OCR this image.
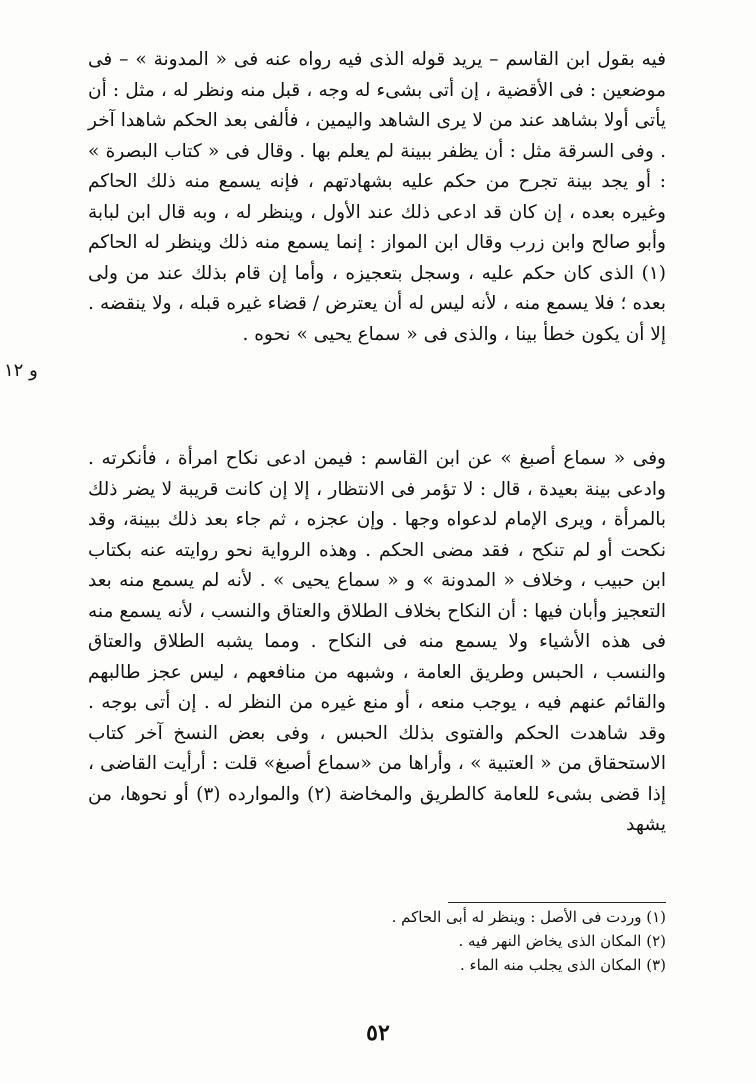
فيه بقول ابن القاسم – يريد قوله الذى فيه رواه عنه فى « المدونة » – فى موضعين : فى الأقضية ، إن أتى بشىء له وجه ، قبل منه ونظر له ، مثل : أن يأتى أولا بشاهد عند من لا يرى الشاهد واليمين ، فألفى بعد الحكم شاهدا آخر . وفى السرقة مثل : أن يظفر ببينة لم يعلم بها . وقال فى « كتاب البصرة » : أو يجد بينة تجرح من حكم عليه بشهادتهم ، فإنه يسمع منه ذلك الحاكم وغيره بعده ، إن كان قد ادعى ذلك عند الأول ، وينظر له ، وبه قال ابن لبابة وأبو صالح وابن زرب وقال ابن المواز : إنما يسمع منه ذلك وينظر له الحاكم (١) الذى كان حكم عليه ، وسجل بتعجيزه ، وأما إن قام بذلك عند من ولى بعده ؛ فلا يسمع منه ، لأنه ليس له أن يعترض / قضاء غيره قبله ، ولا ينقضه . إلا أن يكون خطأ بينا ، والذى فى « سماع يحيى » نحوه .
و ١٢
وفى « سماع أصبغ » عن ابن القاسم : فيمن ادعى نكاح امرأة ، فأنكرته . وادعى بينة بعيدة ، قال : لا تؤمر فى الانتظار ، إلا إن كانت قريبة لا يضر ذلك بالمرأة ، ويرى الإمام لدعواه وجها . وإن عجزه ، ثم جاء بعد ذلك ببينة، وقد نكحت أو لم تنكح ، فقد مضى الحكم . وهذه الرواية نحو روايته عنه بكتاب ابن حبيب ، وخلاف « المدونة » و « سماع يحيى » . لأنه لم يسمع منه بعد التعجيز وأبان فيها : أن النكاح بخلاف الطلاق والعتاق والنسب ، لأنه يسمع منه فى هذه الأشياء ولا يسمع منه فى النكاح . ومما يشبه الطلاق والعتاق والنسب ، الحبس وطريق العامة ، وشبهه من منافعهم ، ليس عجز طالبهم والقائم عنهم فيه ، يوجب منعه ، أو منع غيره من النظر له . إن أتى بوجه . وقد شاهدت الحكم والفتوى بذلك الحبس ، وفى بعض النسخ آخر كتاب الاستحقاق من « العتبية » ، وأراها من «سماع أصبغ» قلت : أرأيت القاضى ، إذا قضى بشىء للعامة كالطريق والمخاضة (٢) والموارده (٣) أو نحوها، من يشهد
(١) وردت فى الأصل : وينظر له أبى الحاكم .
(٢) المكان الذى يخاض النهر فيه .
(٣) المكان الذى يجلب منه الماء .
٥٢
